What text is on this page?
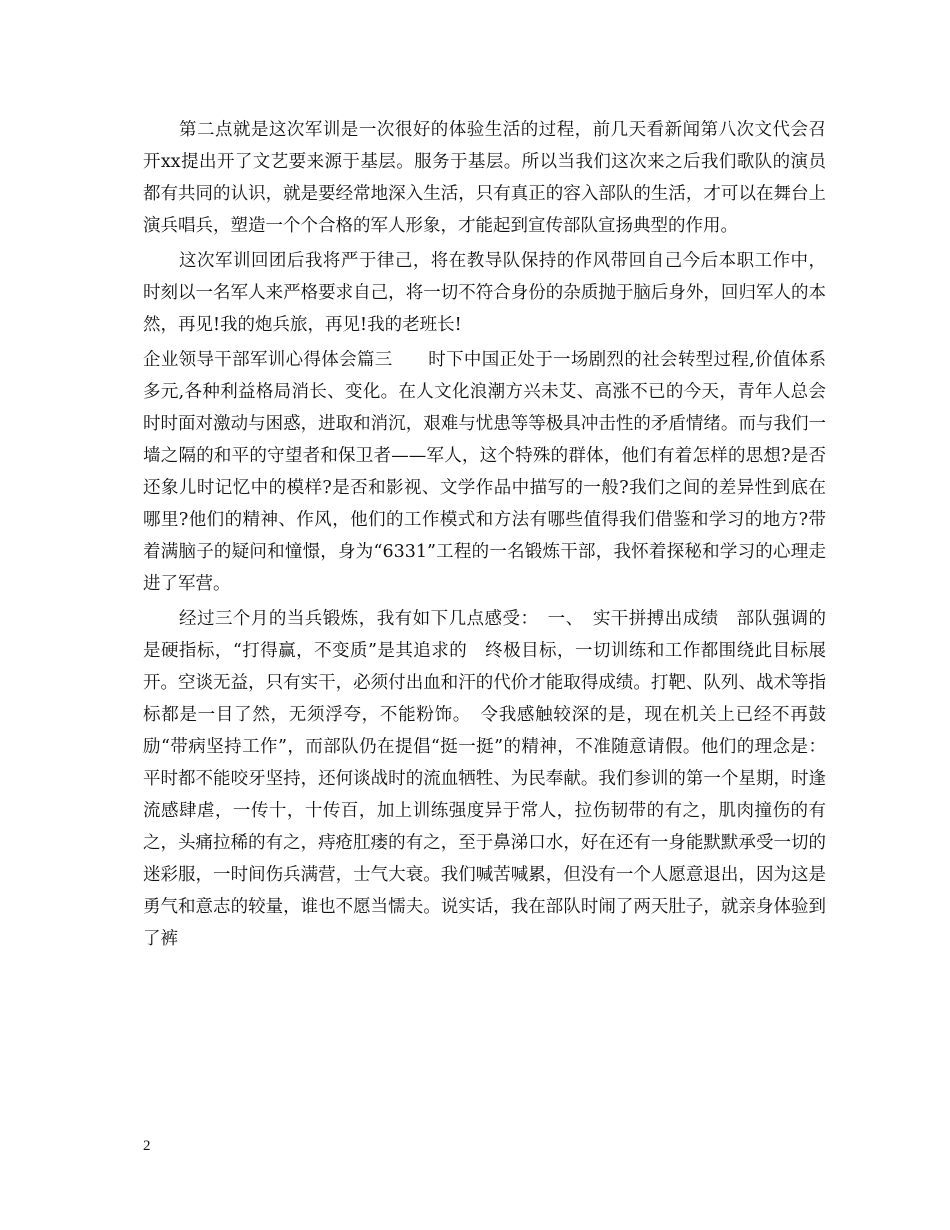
第二点就是这次军训是一次很好的体验生活的过程，前几天看新闻第八次文代会召开xx提出开了文艺要来源于基层。服务于基层。所以当我们这次来之后我们歌队的演员都有共同的认识，就是要经常地深入生活，只有真正的容入部队的生活，才可以在舞台上演兵唱兵，塑造一个个合格的军人形象，才能起到宣传部队宣扬典型的作用。

这次军训回团后我将严于律己，将在教导队保持的作风带回自己今后本职工作中，时刻以一名军人来严格要求自己，将一切不符合身份的杂质抛于脑后身外，回归军人的本然，再见!我的炮兵旅，再见!我的老班长!

企业领导干部军训心得体会篇三　　时下中国正处于一场剧烈的社会转型过程,价值体系多元,各种利益格局消长、变化。在人文化浪潮方兴未艾、高涨不已的今天，青年人总会时时面对激动与困惑，进取和消沉，艰难与忧患等等极具冲击性的矛盾情绪。而与我们一墙之隔的和平的守望者和保卫者——军人，这个特殊的群体，他们有着怎样的思想?是否还象儿时记忆中的模样?是否和影视、文学作品中描写的一般?我们之间的差异性到底在哪里?他们的精神、作风，他们的工作模式和方法有哪些值得我们借鉴和学习的地方?带着满脑子的疑问和憧憬，身为“6331”工程的一名锻炼干部，我怀着探秘和学习的心理走进了军营。

经过三个月的当兵锻炼，我有如下几点感受：　一、　实干拼搏出成绩　部队强调的是硬指标，“打得赢，不变质”是其追求的　终极目标，一切训练和工作都围绕此目标展开。空谈无益，只有实干，必须付出血和汗的代价才能取得成绩。打靶、队列、战术等指标都是一目了然，无须浮夸，不能粉饰。　令我感触较深的是，现在机关上已经不再鼓励“带病坚持工作”，而部队仍在提倡“挺一挺”的精神，不准随意请假。他们的理念是：平时都不能咬牙坚持，还何谈战时的流血牺牲、为民奉献。我们参训的第一个星期，时逢流感肆虐，一传十，十传百，加上训练强度异于常人，拉伤韧带的有之，肌肉撞伤的有之，头痛拉稀的有之，痔疮肛瘘的有之，至于鼻涕口水，好在还有一身能默默承受一切的迷彩服，一时间伤兵满营，士气大衰。我们喊苦喊累，但没有一个人愿意退出，因为这是勇气和意志的较量，谁也不愿当懦夫。说实话，我在部队时闹了两天肚子，就亲身体验到了裤

2
